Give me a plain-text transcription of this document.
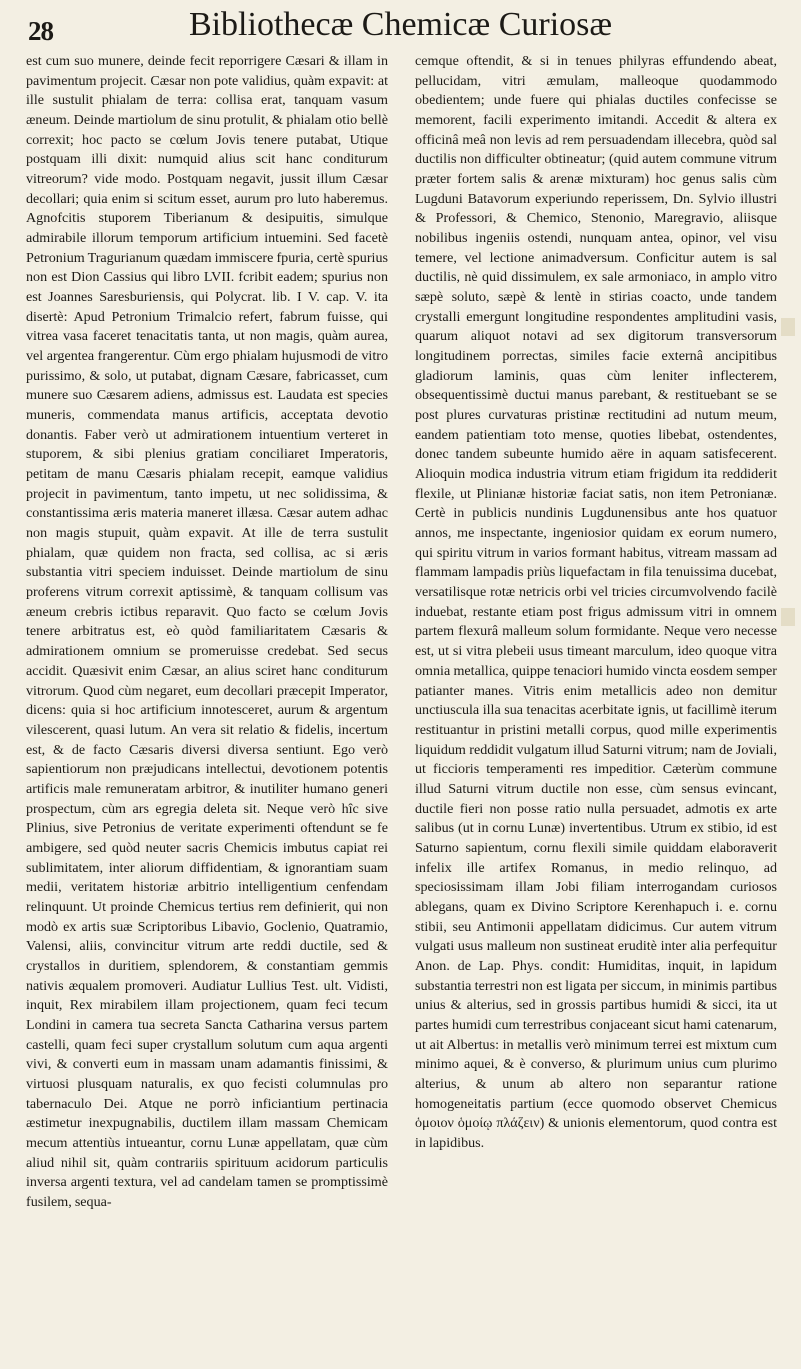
28	Bibliothecæ Chemicæ Curiosæ

est cum suo munere, deinde fecit reporrigere Cæsari & illam in pavimentum projecit. Cæsar non pote validius, quàm expavit: at ille sustulit phialam de terra: collisa erat, tanquam vasum æneum. Deinde martiolum de sinu protulit, & phialam otio bellè correxit; hoc pacto se cœlum Jovis tenere putabat, Utique postquam illi dixit: numquid alius scit hanc conditurum vitreorum? vide modo. Postquam negavit, jussit illum Cæsar decollari; quia enim si scitum esset, aurum pro luto haberemus. Agnofcitis stuporem Tiberianum & desipuitis, simulque admirabile illorum temporum artificium intuemini. Sed facetè Petronium Tragurianum quædam immiscere fpuria, certè spurius non est Dion Cassius qui libro LVII. fcribit eadem; spurius non est Joannes Saresburiensis, qui Polycrat. lib. I V. cap. V. ita disertè: Apud Petronium Trimalcio refert, fabrum fuisse, qui vitrea vasa faceret tenacitatis tanta, ut non magis, quàm aurea, vel argentea frangerentur. Cùm ergo phialam hujusmodi de vitro purissimo, & solo, ut putabat, dignam Cæsare, fabricasset, cum munere suo Cæsarem adiens, admissus est. Laudata est species muneris, commendata manus artificis, acceptata devotio donantis. Faber verò ut admirationem intuentium verteret in stuporem, & sibi plenius gratiam conciliaret Imperatoris, petitam de manu Cæsaris phialam recepit, eamque validius projecit in pavimentum, tanto impetu, ut nec solidissima, & constantissima æris materia maneret illæsa. Cæsar autem adhac non magis stupuit, quàm expavit. At ille de terra sustulit phialam, quæ quidem non fracta, sed collisa, ac si æris substantia vitri speciem induisset. Deinde martiolum de sinu proferens vitrum correxit aptissimè, & tanquam collisum vas æneum crebris ictibus reparavit. Quo facto se cœlum Jovis tenere arbitratus est, eò quòd familiaritatem Cæsaris & admirationem omnium se promeruisse credebat. Sed secus accidit. Quæsivit enim Cæsar, an alius sciret hanc conditurum vitrorum. Quod cùm negaret, eum decollari præcepit Imperator, dicens: quia si hoc artificium innotesceret, aurum & argentum vilescerent, quasi lutum. An vera sit relatio & fidelis, incertum est, & de facto Cæsaris diversi diversa sentiunt. Ego verò sapientiorum non præjudicans intellectui, devotionem potentis artificis male remuneratam arbitror, & inutiliter humano generi prospectum, cùm ars egregia deleta sit. Neque verò hîc sive Plinius, sive Petronius de veritate experimenti oftendunt se fe ambigere, sed quòd neuter sacris Chemicis imbutus capiat rei sublimitatem, inter aliorum diffidentiam, & ignorantiam suam medii, veritatem historiæ arbitrio intelligentium cenfendam relinquunt. Ut proinde Chemicus tertius rem definierit, qui non modò ex artis suæ Scriptoribus Libavio, Goclenio, Quatramio, Valensi, aliis, convincitur vitrum arte reddi ductile, sed & crystallos in duritiem, splendorem, & constantiam gemmis nativis æqualem promoveri. Audiatur Lullius Test. ult. Vidisti, inquit, Rex mirabilem illam projectionem, quam feci tecum Londini in camera tua secreta Sancta Catharina versus partem castelli, quam feci super crystallum solutum cum aqua argenti vivi, & converti eum in massam unam adamantis finissimi, & virtuosi plusquam naturalis, ex quo fecisti columnulas pro tabernaculo Dei. Atque ne porrò inficiantium pertinacia æstimetur inexpugnabilis, ductilem illam massam Chemicam mecum attentiùs intueantur, cornu Lunæ appellatam, quæ cùm aliud nihil sit, quàm contrariis spirituum acidorum particulis inversa argenti textura, vel ad candelam tamen se promptissimè fusilem, sequa-

cemque oftendit, & si in tenues philyras effundendo abeat, pellucidam, vitri æmulam, malleoque quodammodo obedientem; unde fuere qui phialas ductiles confecisse se memorent, facili experimento imitandi. Accedit & altera ex officinâ meâ non levis ad rem persuadendam illecebra, quòd sal ductilis non difficulter obtineatur; (quid autem commune vitrum præter fortem salis & arenæ mixturam) hoc genus salis cùm Lugduni Batavorum experiundo reperissem, Dn. Sylvio illustri & Professori, & Chemico, Stenonio, Maregravio, aliisque nobilibus ingeniis ostendi, nunquam antea, opinor, vel visu temere, vel lectione animadversum. Conficitur autem is sal ductilis, nè quid dissimulem, ex sale armoniaco, in amplo vitro sæpè soluto, sæpè & lentè in stirias coacto, unde tandem crystalli emergunt longitudine respondentes amplitudini vasis, quarum aliquot notavi ad sex digitorum transversorum longitudinem porrectas, similes facie externâ ancipitibus gladiorum laminis, quas cùm leniter inflecterem, obsequentissimè ductui manus parebant, & restituebant se se post plures curvaturas pristinæ rectitudini ad nutum meum, eandem patientiam toto mense, quoties libebat, ostendentes, donec tandem subeunte humido aëre in aquam satisfecerent. Alioquin modica industria vitrum etiam frigidum ita reddiderit flexile, ut Plinianæ historiæ faciat satis, non item Petronianæ. Certè in publicis nundinis Lugdunensibus ante hos quatuor annos, me inspectante, ingeniosior quidam ex eorum numero, qui spiritu vitrum in varios formant habitus, vitream massam ad flammam lampadis priùs liquefactam in fila tenuissima ducebat, versatilisque rotæ netricis orbi vel tricies circumvolvendo facilè induebat, restante etiam post frigus admissum vitri in omnem partem flexurâ malleum solum formidante. Neque vero necesse est, ut si vitra plebeii usus timeant marculum, ideo quoque vitra omnia metallica, quippe tenaciori humido vincta eosdem semper patianter manes. Vitris enim metallicis adeo non demitur unctiusculа illa sua tenacitas acerbitate ignis, ut facillimè iterum restituantur in pristini metalli corpus, quod mille experimentis liquidum reddidit vulgatum illud Saturni vitrum; nam de Joviali, ut ficcioris temperamenti res impeditior. Cæterùm commune illud Saturni vitrum ductile non esse, cùm sensus evincant, ductile fieri non posse ratio nulla persuadet, admotis ex arte salibus (ut in cornu Lunæ) invertentibus. Utrum ex stibio, id est Saturno sapientum, cornu flexili simile quiddam elaboraverit infelix ille artifex Romanus, in medio relinquo, ad speciosissimam illam Jobi filiam interrogandam curiosos ablegans, quam ex Divino Scriptore Kerenhapuch i. e. cornu stibii, seu Antimonii appellatam didicimus. Cur autem vitrum vulgati usus malleum non sustineat eruditè inter alia perfequitur Anon. de Lap. Phys. condit: Humiditas, inquit, in lapidum substantia terrestri non est ligata per siccum, in minimis partibus unius & alterius, sed in grossis partibus humidi & sicci, ita ut partes humidi cum terrestribus conjaceant sicut hami catenarum, ut ait Albertus: in metallis verò minimum terrei est mixtum cum minimo aquei, & è converso, & plurimum unius cum plurimo alterius, & unum ab altero non separantur ratione homogeneitatis partium (ecce quomodo observet Chemicus ὁμοιον ὁμοίῳ πλάζειν) & unionis elementorum, quod contra est in lapidibus.
